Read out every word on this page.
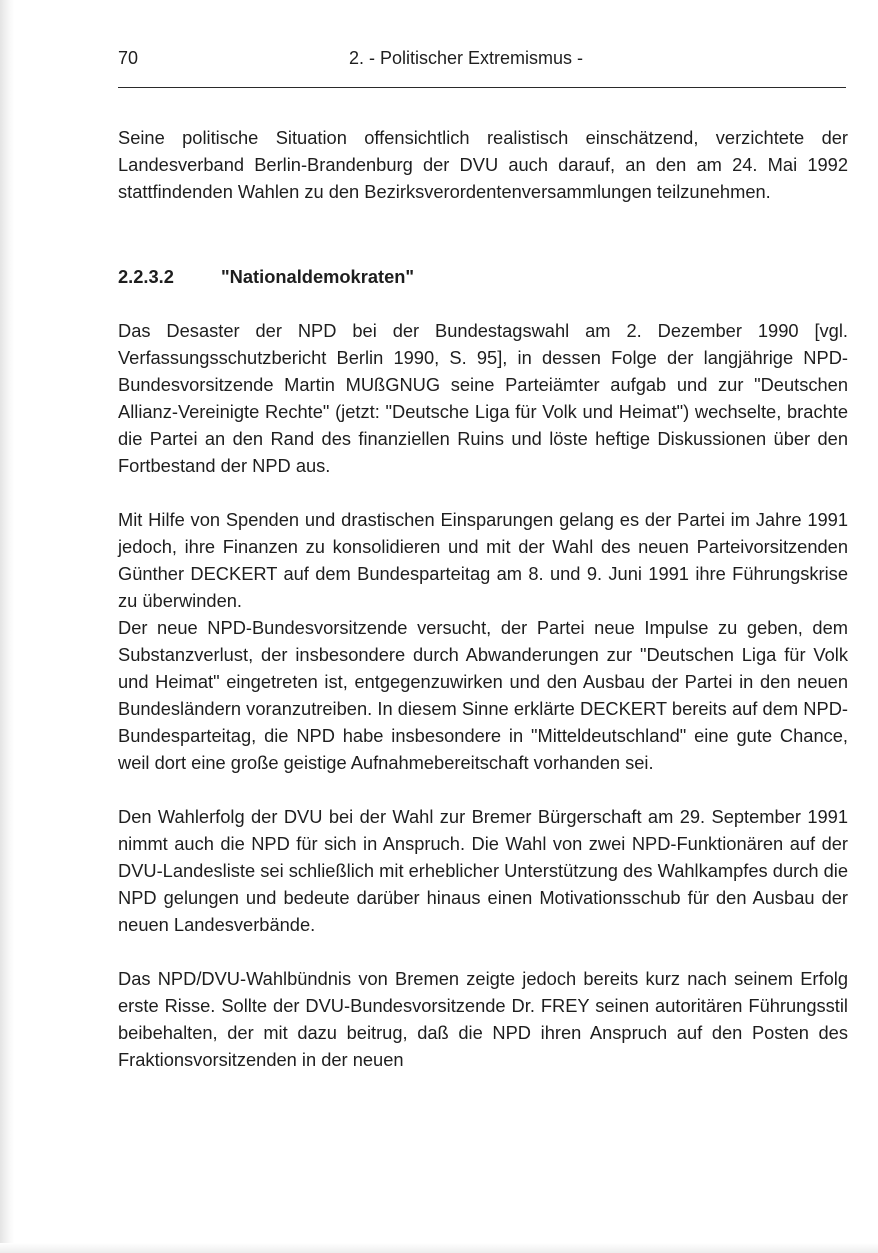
70	2. - Politischer Extremismus -

Seine politische Situation offensichtlich realistisch einschätzend, verzichtete der Landesverband Berlin-Brandenburg der DVU auch darauf, an den am 24. Mai 1992 stattfindenden Wahlen zu den Bezirksverordentenversammlungen teilzunehmen.

2.2.3.2	"Nationaldemokraten"

Das Desaster der NPD bei der Bundestagswahl am 2. Dezember 1990 [vgl. Verfassungsschutzbericht Berlin 1990, S. 95], in dessen Folge der langjährige NPD-Bundesvorsitzende Martin MUßGNUG seine Parteiämter aufgab und zur "Deutschen Allianz-Vereinigte Rechte" (jetzt: "Deutsche Liga für Volk und Heimat") wechselte, brachte die Partei an den Rand des finanziellen Ruins und löste heftige Diskussionen über den Fortbestand der NPD aus.

Mit Hilfe von Spenden und drastischen Einsparungen gelang es der Partei im Jahre 1991 jedoch, ihre Finanzen zu konsolidieren und mit der Wahl des neuen Parteivorsitzenden Günther DECKERT auf dem Bundesparteitag am 8. und 9. Juni 1991 ihre Führungskrise zu überwinden.

Der neue NPD-Bundesvorsitzende versucht, der Partei neue Impulse zu geben, dem Substanzverlust, der insbesondere durch Abwanderungen zur "Deutschen Liga für Volk und Heimat" eingetreten ist, entgegenzuwirken und den Ausbau der Partei in den neuen Bundesländern voranzutreiben. In diesem Sinne erklärte DECKERT bereits auf dem NPD-Bundesparteitag, die NPD habe insbesondere in "Mitteldeutschland" eine gute Chance, weil dort eine große geistige Aufnahmebereitschaft vorhanden sei.

Den Wahlerfolg der DVU bei der Wahl zur Bremer Bürgerschaft am 29. September 1991 nimmt auch die NPD für sich in Anspruch. Die Wahl von zwei NPD-Funktionären auf der DVU-Landesliste sei schließlich mit erheblicher Unterstützung des Wahlkampfes durch die NPD gelungen und bedeute darüber hinaus einen Motivationsschub für den Ausbau der neuen Landesverbände.

Das NPD/DVU-Wahlbündnis von Bremen zeigte jedoch bereits kurz nach seinem Erfolg erste Risse. Sollte der DVU-Bundesvorsitzende Dr. FREY seinen autoritären Führungsstil beibehalten, der mit dazu beitrug, daß die NPD ihren Anspruch auf den Posten des Fraktionsvorsitzenden in der neuen
